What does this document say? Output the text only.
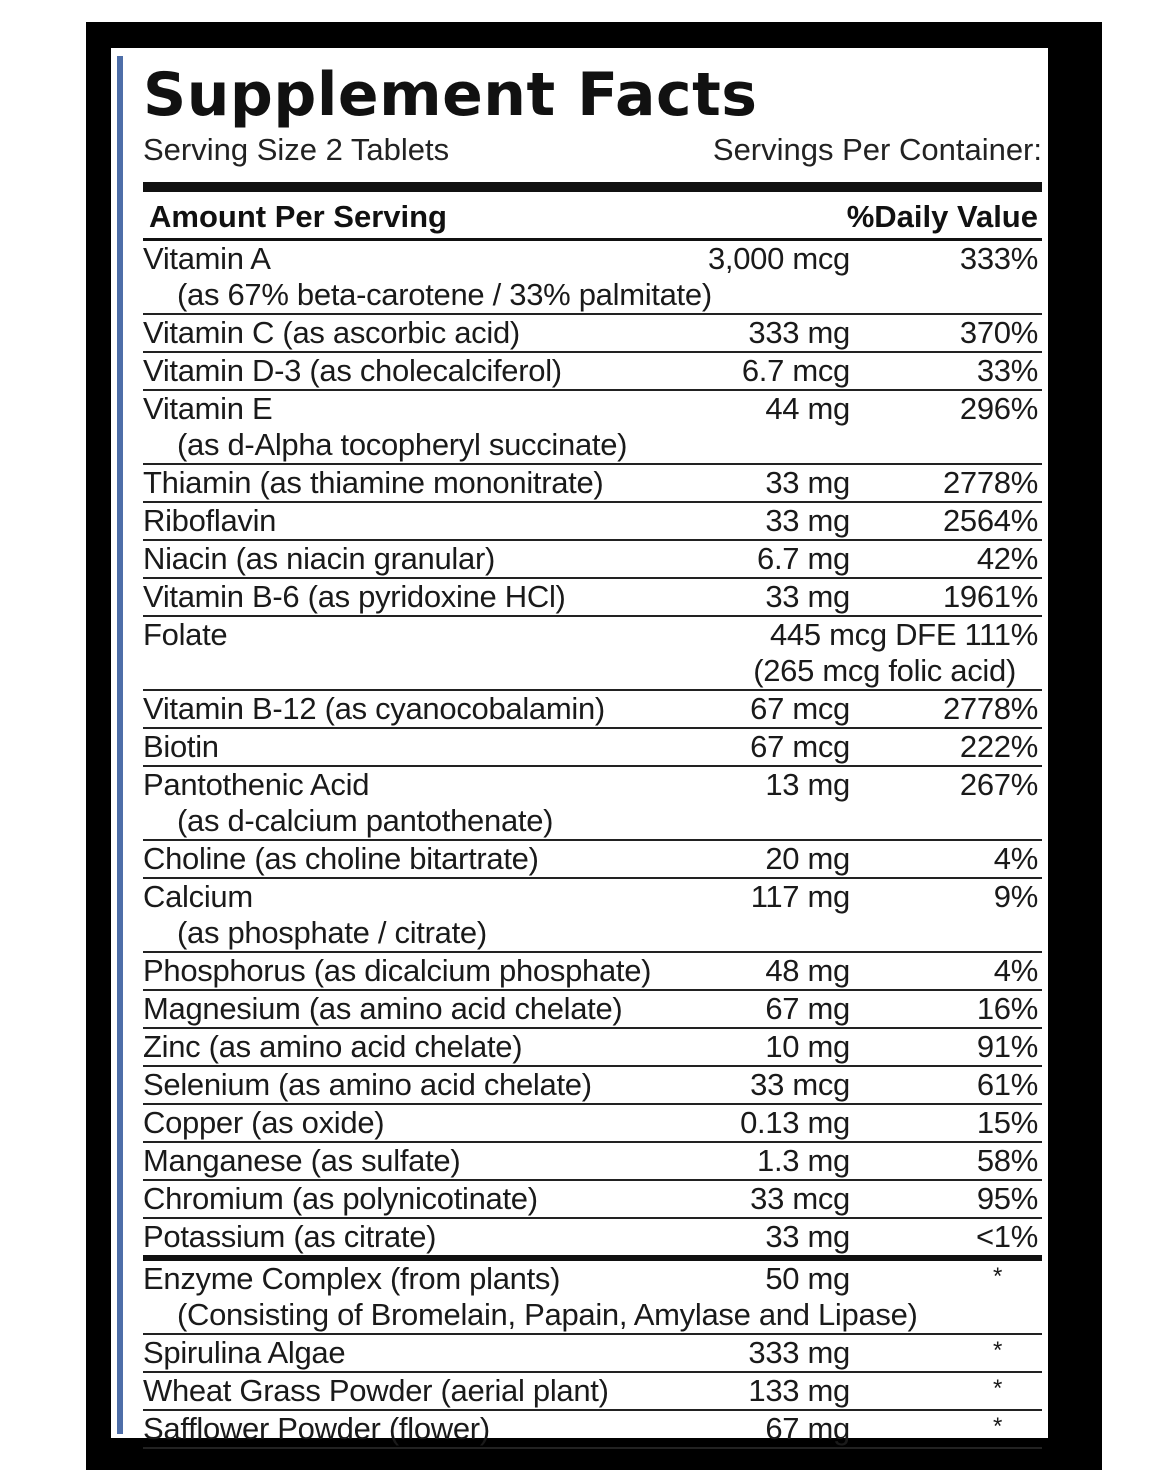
Supplement Facts
Serving Size 2 Tablets	Servings Per Container:
Amount Per Serving	%Daily Value
Vitamin A	3,000 mcg	333%
(as 67% beta-carotene / 33% palmitate)
Vitamin C (as ascorbic acid)	333 mg	370%
Vitamin D-3 (as cholecalciferol)	6.7 mcg	33%
Vitamin E	44 mg	296%
(as d-Alpha tocopheryl succinate)
Thiamin (as thiamine mononitrate)	33 mg	2778%
Riboflavin	33 mg	2564%
Niacin (as niacin granular)	6.7 mg	42%
Vitamin B-6 (as pyridoxine HCl)	33 mg	1961%
Folate	445 mcg DFE 111%
(265 mcg folic acid)
Vitamin B-12 (as cyanocobalamin)	67 mcg	2778%
Biotin	67 mcg	222%
Pantothenic Acid	13 mg	267%
(as d-calcium pantothenate)
Choline (as choline bitartrate)	20 mg	4%
Calcium	117 mg	9%
(as phosphate / citrate)
Phosphorus (as dicalcium phosphate)	48 mg	4%
Magnesium (as amino acid chelate)	67 mg	16%
Zinc (as amino acid chelate)	10 mg	91%
Selenium (as amino acid chelate)	33 mcg	61%
Copper (as oxide)	0.13 mg	15%
Manganese (as sulfate)	1.3 mg	58%
Chromium (as polynicotinate)	33 mcg	95%
Potassium (as citrate)	33 mg	<1%
Enzyme Complex (from plants)	50 mg	*
(Consisting of Bromelain, Papain, Amylase and Lipase)
Spirulina Algae	333 mg	*
Wheat Grass Powder (aerial plant)	133 mg	*
Safflower Powder (flower)	67 mg	*
